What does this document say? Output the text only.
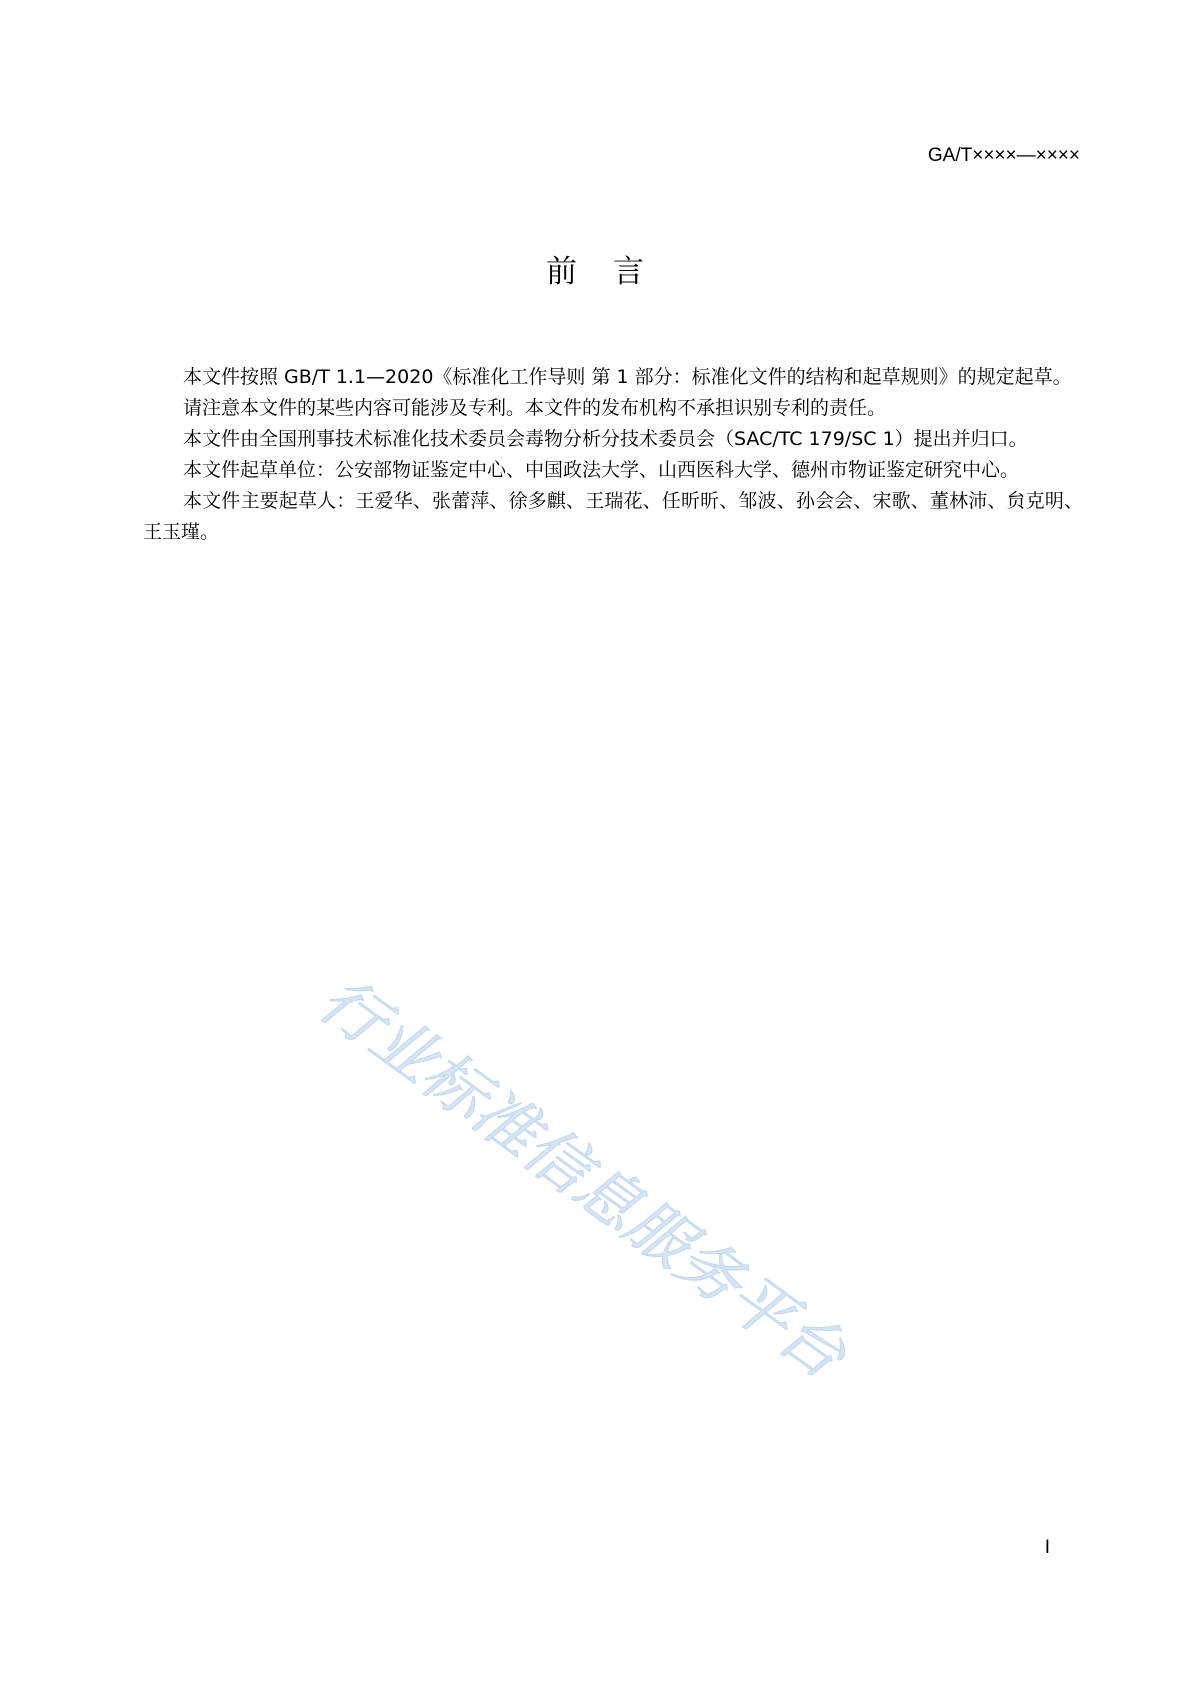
GA/T××××—××××
前言

本文件按照 GB/T 1.1—2020《标准化工作导则 第 1 部分：标准化文件的结构和起草规则》的规定起草。

请注意本文件的某些内容可能涉及专利。本文件的发布机构不承担识别专利的责任。

本文件由全国刑事技术标准化技术委员会毒物分析分技术委员会（SAC/TC 179/SC 1）提出并归口。

本文件起草单位：公安部物证鉴定中心、中国政法大学、山西医科大学、德州市物证鉴定研究中心。

本文件主要起草人：王爱华、张蕾萍、徐多麒、王瑞花、任昕昕、邹波、孙会会、宋歌、董林沛、贠克明、王玉瑾。

行业标准信息服务平台
I
